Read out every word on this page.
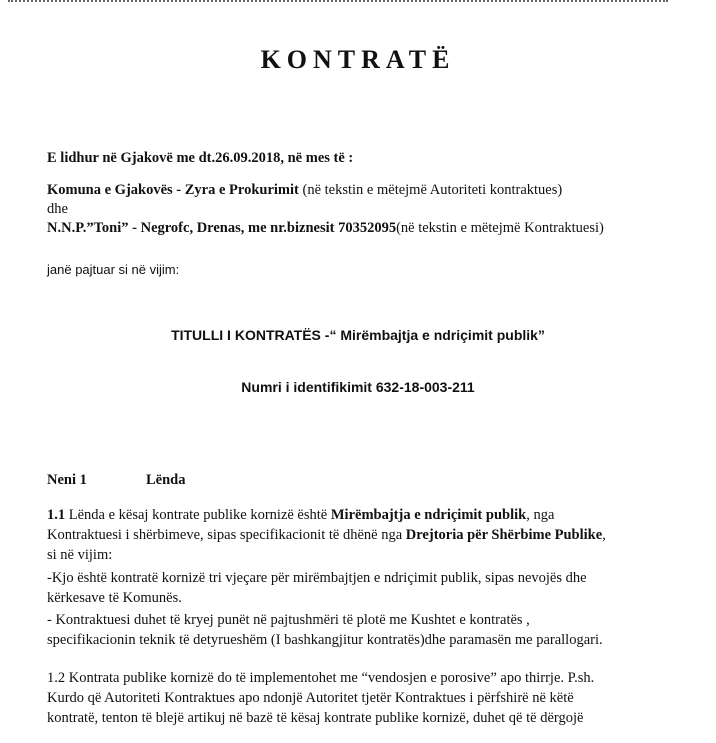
KONTRATË
E lidhur në Gjakovë me dt.26.09.2018, në mes të :
Komuna e Gjakovës - Zyra e Prokurimit (në tekstin e mëtejmë Autoriteti kontraktues)
dhe
N.N.P.”Toni” - Negrofc, Drenas, me nr.biznesit 70352095(në tekstin e mëtejmë Kontraktuesi)
janë pajtuar si në vijim:
TITULLI I KONTRATËS -“ Mirëmbajtja e ndriçimit publik”
Numri i identifikimit 632-18-003-211
Neni 1	Lënda
1.1 Lënda e kësaj kontrate publike kornizë është Mirëmbajtja e ndriçimit publik, nga
Kontraktuesi i shërbimeve, sipas specifikacionit të dhënë nga Drejtoria për Shërbime Publike,
si në vijim:
-Kjo është kontratë kornizë tri vjeçare për mirëmbajtjen e ndriçimit publik, sipas nevojës dhe
kërkesave të Komunës.
- Kontraktuesi duhet të kryej punët në pajtushmëri të plotë me Kushtet e kontratës ,
specifikacionin teknik të detyrueshëm (I bashkangjitur kontratës)dhe paramasën me parallogari.
1.2 Kontrata publike kornizë do të implementohet me “vendosjen e porosive” apo thirrje. P.sh.
Kurdo që Autoriteti Kontraktues apo ndonjë Autoritet tjetër Kontraktues i përfshirë në këtë
kontratë, tenton të blejë artikuj në bazë të kësaj kontrate publike kornizë, duhet që të dërgojë
